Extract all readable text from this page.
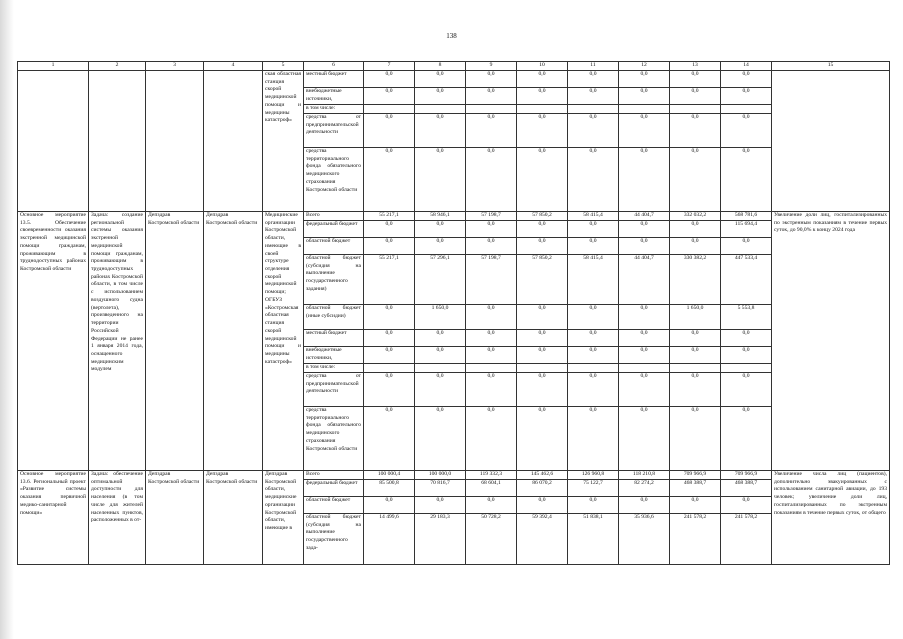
138
1	2	3	4	5	6	7	8	9	10	11	12	13	14	15
				ская областная станция скорой медицинской помощи и медицины катастроф»	местный бюджет	0,0	0,0	0,0	0,0	0,0	0,0	0,0	0,0	
					внебюджетные источники,	0,0	0,0	0,0	0,0	0,0	0,0	0,0	0,0	
					в том числе:									
					средства от предпринимательской деятельности	0,0	0,0	0,0	0,0	0,0	0,0	0,0	0,0	
					средства территориального фонда обязательного медицинского страхования Костромской области	0,0	0,0	0,0	0,0	0,0	0,0	0,0	0,0	
Основное мероприятие 13.5. Обеспечение своевременности оказания экстренной медицинской помощи гражданам, проживающим в труднодоступных районах Костромской области	Задача: создание региональной системы оказания экстренной медицинской помощи гражданам, проживающим в труднодоступных районах Костромской области, в том числе с использованием воздушного судна (вертолета), произведенного на территории Российской Федерации не ранее 1 января 2014 года, оснащенного медицинским модулем	Депздрав Костромской области	Депздрав Костромской области	Медицинские организации Костромской области, имеющие в своей структуре отделения скорой медицинской помощи; ОГБУЗ «Костромская областная станция скорой медицинской помощи и медицины катастроф»	Всего	55 217,1	58 946,1	57 198,7	57 850,2	58 415,4	44 404,7	332 032,2	568 781,6	Увеличение доли лиц, госпитализированных по экстренным показаниям в течение первых суток, до 90,0% к концу 2024 года
					федеральный бюджет	0,0	0,0	0,0	0,0	0,0	0,0	0,0	115 694,4	
					областной бюджет	0,0	0,0	0,0	0,0	0,0	0,0	0,0	0,0	
					областной бюджет (субсидия на выполнение государственного задания)	55 217,1	57 296,1	57 198,7	57 850,2	58 415,4	44 404,7	330 382,2	447 533,4	
					областной бюджет (иные субсидии)	0,0	1 650,0	0,0	0,0	0,0	0,0	1 650,0	5 553,8	
					местный бюджет	0,0	0,0	0,0	0,0	0,0	0,0	0,0	0,0	
					внебюджетные источники,	0,0	0,0	0,0	0,0	0,0	0,0	0,0	0,0	
					в том числе:									
					средства от предпринимательской деятельности	0,0	0,0	0,0	0,0	0,0	0,0	0,0	0,0	
					средства территориального фонда обязательного медицинского страхования Костромской области	0,0	0,0	0,0	0,0	0,0	0,0	0,0	0,0	
Основное мероприятие 13.6. Региональный проект «Развитие системы оказания первичной медико-санитарной помощи»	Задача: обеспечение оптимальной доступности для населения (в том числе для жителей населенных пунктов, расположенных в от-	Депздрав Костромской области	Депздрав Костромской области	Депздрав Костромской области, медицинские организации Костромской области, имеющие в	Всего	100 000,4	100 000,0	119 332,3	145 462,6	126 960,8	118 210,8	709 966,9	709 966,9	Увеличение числа лиц (пациентов), дополнительно эвакуированных с использованием санитарной авиации, до 193 человек; увеличение доли лиц, госпитализированных по экстренным показаниям в течение первых суток, от общего
					федеральный бюджет	85 500,8	70 816,7	68 604,1	86 070,2	75 122,7	82 274,2	468 388,7	468 388,7	
					областной бюджет	0,0	0,0	0,0	0,0	0,0	0,0	0,0	0,0	
					областной бюджет (субсидия на выполнение государственного зада-	14 499,6	29 183,3	50 728,2	59 392,4	51 838,1	35 936,6	241 578,2	241 578,2	
